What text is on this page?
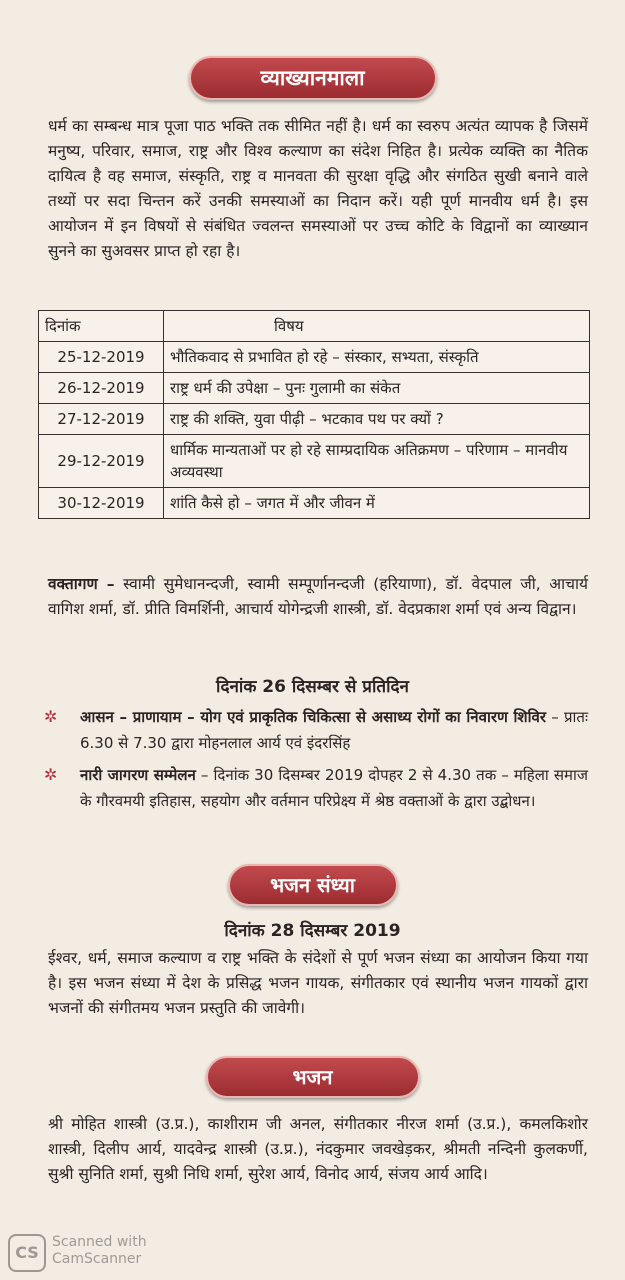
व्याख्यानमाला
धर्म का सम्बन्ध मात्र पूजा पाठ भक्ति तक सीमित नहीं है। धर्म का स्वरुप अत्यंत व्यापक है जिसमें मनुष्य, परिवार, समाज, राष्ट्र और विश्व कल्याण का संदेश निहित है। प्रत्येक व्यक्ति का नैतिक दायित्व है वह समाज, संस्कृति, राष्ट्र व मानवता की सुरक्षा वृद्धि और संगठित सुखी बनाने वाले तथ्यों पर सदा चिन्तन करें उनकी समस्याओं का निदान करें। यही पूर्ण मानवीय धर्म है। इस आयोजन में इन विषयों से संबंधित ज्वलन्त समस्याओं पर उच्च कोटि के विद्वानों का व्याख्यान सुनने का सुअवसर प्राप्त हो रहा है।
दिनांक	विषय
25-12-2019	भौतिकवाद से प्रभावित हो रहे – संस्कार, सभ्यता, संस्कृति
26-12-2019	राष्ट्र धर्म की उपेक्षा – पुनः गुलामी का संकेत
27-12-2019	राष्ट्र की शक्ति, युवा पीढ़ी – भटकाव पथ पर क्यों ?
29-12-2019	धार्मिक मान्यताओं पर हो रहे साम्प्रदायिक अतिक्रमण – परिणाम – मानवीय अव्यवस्था
30-12-2019	शांति कैसे हो – जगत में और जीवन में
वक्तागण – स्वामी सुमेधानन्दजी, स्वामी सम्पूर्णानन्दजी (हरियाणा), डॉ. वेदपाल जी, आचार्य वागिश शर्मा, डॉ. प्रीति विमर्शिनी, आचार्य योगेन्द्रजी शास्त्री, डॉ. वेदप्रकाश शर्मा एवं अन्य विद्वान।
दिनांक 26 दिसम्बर से प्रतिदिन
✲ आसन – प्राणायाम – योग एवं प्राकृतिक चिकित्सा से असाध्य रोगों का निवारण शिविर – प्रातः 6.30 से 7.30 द्वारा मोहनलाल आर्य एवं इंदरसिंह
✲ नारी जागरण सम्मेलन – दिनांक 30 दिसम्बर 2019 दोपहर 2 से 4.30 तक – महिला समाज के गौरवमयी इतिहास, सहयोग और वर्तमान परिप्रेक्ष्य में श्रेष्ठ वक्ताओं के द्वारा उद्बोधन।
भजन संध्या
दिनांक 28 दिसम्बर 2019
ईश्वर, धर्म, समाज कल्याण व राष्ट्र भक्ति के संदेशों से पूर्ण भजन संध्या का आयोजन किया गया है। इस भजन संध्या में देश के प्रसिद्ध भजन गायक, संगीतकार एवं स्थानीय भजन गायकों द्वारा भजनों की संगीतमय भजन प्रस्तुति की जावेगी।
भजन
श्री मोहित शास्त्री (उ.प्र.), काशीराम जी अनल, संगीतकार नीरज शर्मा (उ.प्र.), कमलकिशोर शास्त्री, दिलीप आर्य, यादवेन्द्र शास्त्री (उ.प्र.), नंदकुमार जवखेड़कर, श्रीमती नन्दिनी कुलकर्णी, सुश्री सुनिति शर्मा, सुश्री निधि शर्मा, सुरेश आर्य, विनोद आर्य, संजय आर्य आदि।
CS
Scanned with
CamScanner
